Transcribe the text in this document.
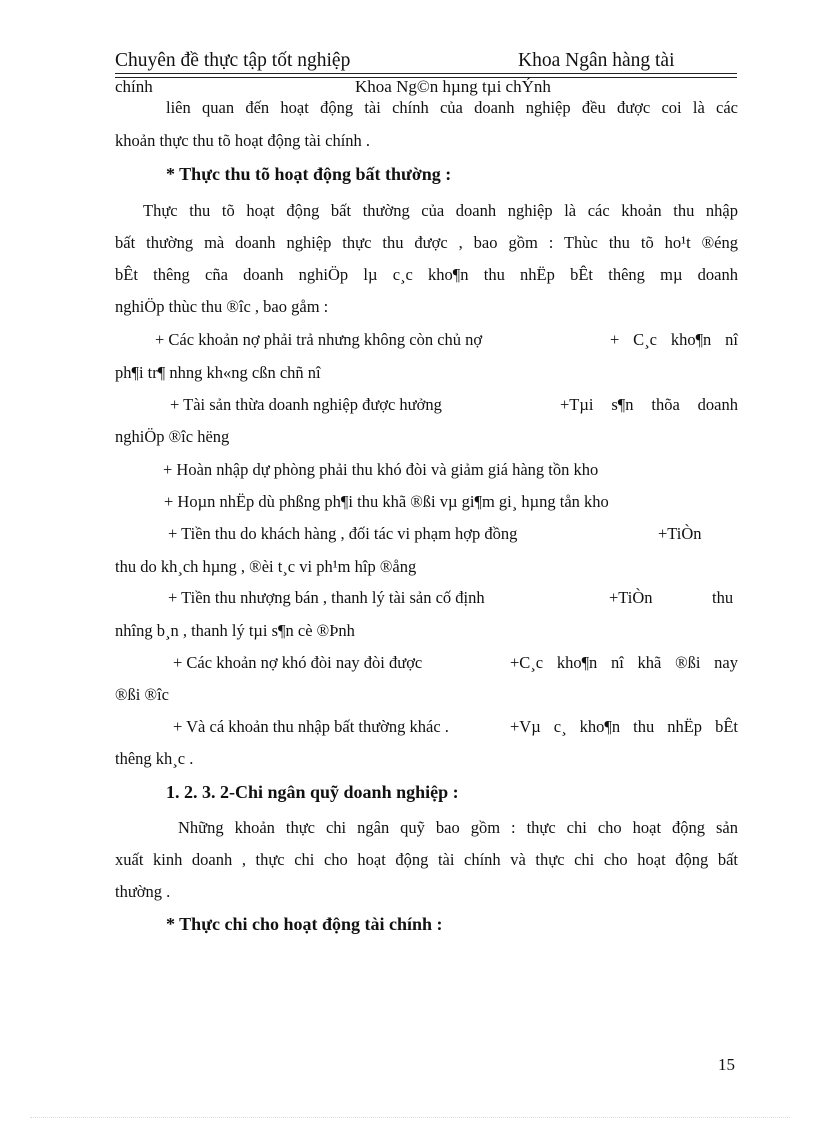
Chuyên đề thực tập tốt nghiệp	Khoa Ngân hàng tài
chính	Khoa Ng©n hµng tµi chÝnh
liên quan đến hoạt động tài chính của doanh nghiệp đều được coi là các
khoản thực thu tõ hoạt động tài chính .
* Thực thu tõ hoạt động bất thường :
Thực thu tõ hoạt động bất thường của doanh nghiệp là các khoản thu nhập
bất thường mà doanh nghiệp thực thu được , bao gồm : Thùc thu tõ ho¹t ®éng
bÊt thêng cña doanh nghiÖp lµ c¸c kho¶n thu nhËp bÊt thêng mµ doanh
nghiÖp thùc thu ®îc , bao gåm :
+ Các khoản nợ phải trả nhưng không còn chủ nợ	+ C¸c kho¶n nî
ph¶i tr¶ nhng kh«ng cßn chñ nî
+ Tài sản thừa doanh nghiệp được hưởng	+Tµi s¶n thõa doanh
nghiÖp ®îc hëng
+ Hoàn nhập dự phòng phải thu khó đòi và giảm giá hàng tồn kho
+ Hoµn nhËp dù phßng ph¶i thu khã ®ßi vµ gi¶m gi¸ hµng tån kho
+ Tiền thu do khách hàng , đối tác vi phạm hợp đồng	+TiÒn
thu do kh¸ch hµng , ®èi t¸c vi ph¹m hîp ®ång
+ Tiền thu nhượng bán , thanh lý tài sản cố định	+TiÒn	thu
nhîng b¸n , thanh lý tµi s¶n cè ®Þnh
+ Các khoản nợ khó đòi nay đòi được	+C¸c kho¶n nî khã ®ßi nay
®ßi ®îc
+ Và cá khoản thu nhập bất thường khác .	+Vµ c¸ kho¶n thu nhËp bÊt
thêng kh¸c .
1. 2. 3. 2-Chi ngân quỹ doanh nghiệp :
Những khoản thực chi ngân quỹ bao gồm : thực chi cho hoạt động sản
xuất kinh doanh , thực chi cho hoạt động tài chính và thực chi cho hoạt động bất
thường .
* Thực chi cho hoạt động tài chính :
15
